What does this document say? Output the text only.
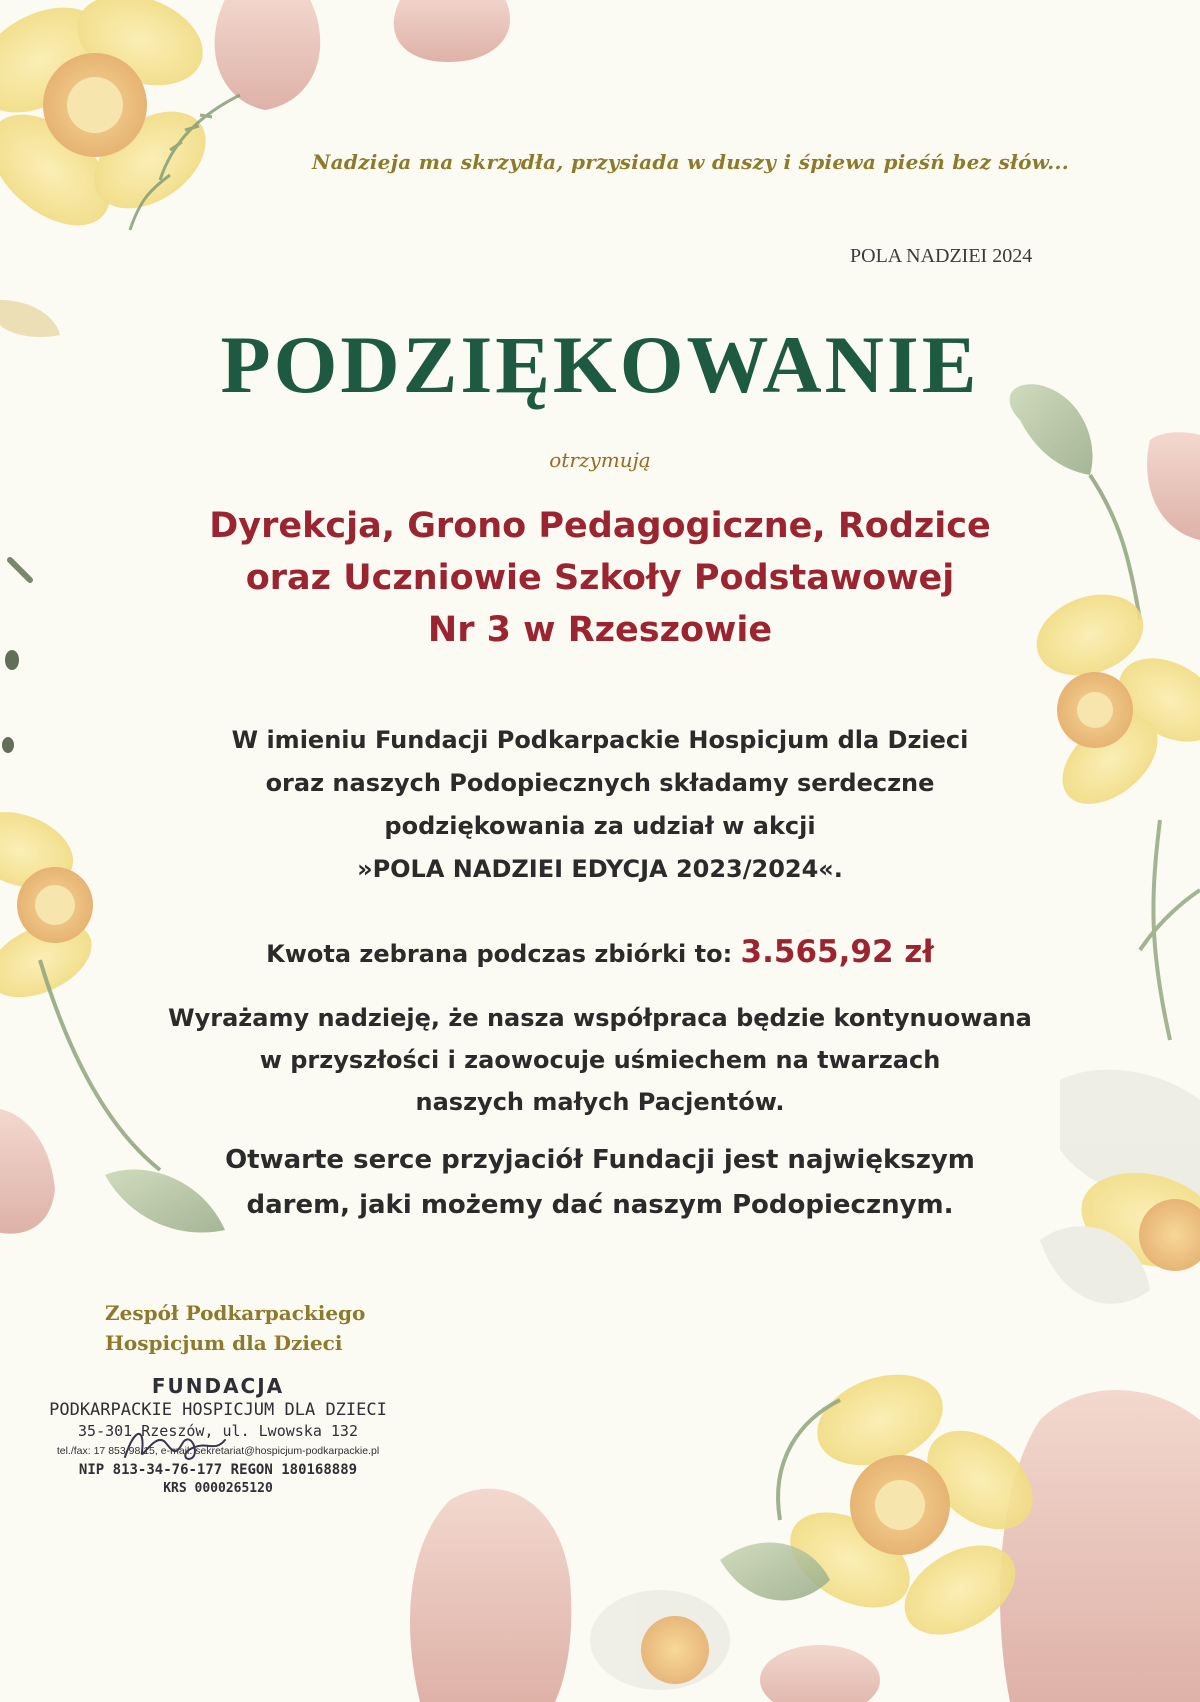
Nadzieja ma skrzydła, przysiada w duszy i śpiewa pieśń bez słów...
POLA NADZIEI 2024
PODZIĘKOWANIE
otrzymują
Dyrekcja, Grono Pedagogiczne, Rodzice
oraz Uczniowie Szkoły Podstawowej
Nr 3 w Rzeszowie
W imieniu Fundacji Podkarpackie Hospicjum dla Dzieci
oraz naszych Podopiecznych składamy serdeczne
podziękowania za udział w akcji
»POLA NADZIEI EDYCJA 2023/2024«.
Kwota zebrana podczas zbiórki to: 3.565,92 zł
Wyrażamy nadzieję, że nasza współpraca będzie kontynuowana
w przyszłości i zaowocuje uśmiechem na twarzach
naszych małych Pacjentów.
Otwarte serce przyjaciół Fundacji jest największym
darem, jaki możemy dać naszym Podopiecznym.
Zespół Podkarpackiego
Hospicjum dla Dzieci
FUNDACJA
PODKARPACKIE HOSPICJUM DLA DZIECI
35-301 Rzeszów, ul. Lwowska 132
tel./fax: 17 853 98 15, e-mail: sekretariat@hospicjum-podkarpackie.pl
NIP 813-34-76-177 REGON 180168889
KRS 0000265120
